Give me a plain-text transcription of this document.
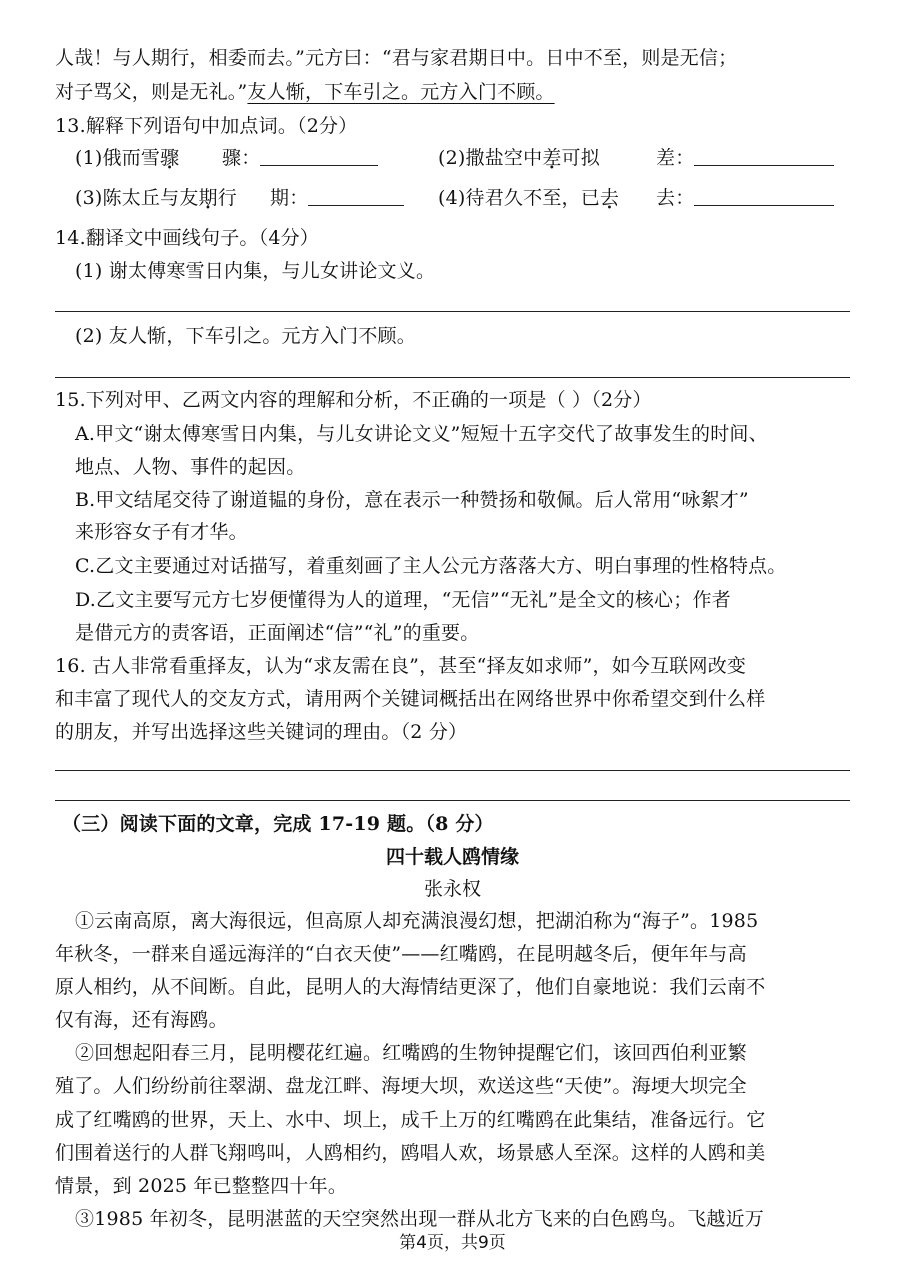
人哉！与人期行，相委而去。”元方曰：“君与家君期日中。日中不至，则是无信；
对子骂父，则是无礼。”友人惭，下车引之。元方入门不顾。
13.解释下列语句中加点词。（2分）
(1)俄而雪骤 骤：	(2)撒盐空中差可拟	差：
(3)陈太丘与友期行 期：	(4)待君久不至，已去 去：
14.翻译文中画线句子。（4分）
(1) 谢太傅寒雪日内集，与儿女讲论文义。
(2) 友人惭，下车引之。元方入门不顾。
15.下列对甲、乙两文内容的理解和分析，不正确的一项是（ ）（2分）
A.甲文“谢太傅寒雪日内集，与儿女讲论文义”短短十五字交代了故事发生的时间、
地点、人物、事件的起因。
B.甲文结尾交待了谢道韫的身份，意在表示一种赞扬和敬佩。后人常用“咏絮才”
来形容女子有才华。
C.乙文主要通过对话描写，着重刻画了主人公元方落落大方、明白事理的性格特点。
D.乙文主要写元方七岁便懂得为人的道理，“无信”“无礼”是全文的核心；作者
是借元方的责客语，正面阐述“信”“礼”的重要。
16. 古人非常看重择友，认为“求友需在良”，甚至“择友如求师”，如今互联网改变
和丰富了现代人的交友方式，请用两个关键词概括出在网络世界中你希望交到什么样
的朋友，并写出选择这些关键词的理由。（2 分）
（三）阅读下面的文章，完成 17-19 题。（8 分）
四十载人鸥情缘
张永权
①云南高原，离大海很远，但高原人却充满浪漫幻想，把湖泊称为“海子”。1985
年秋冬，一群来自遥远海洋的“白衣天使”——红嘴鸥，在昆明越冬后，便年年与高
原人相约，从不间断。自此，昆明人的大海情结更深了，他们自豪地说：我们云南不
仅有海，还有海鸥。
②回想起阳春三月，昆明樱花红遍。红嘴鸥的生物钟提醒它们，该回西伯利亚繁
殖了。人们纷纷前往翠湖、盘龙江畔、海埂大坝，欢送这些“天使”。海埂大坝完全
成了红嘴鸥的世界，天上、水中、坝上，成千上万的红嘴鸥在此集结，准备远行。它
们围着送行的人群飞翔鸣叫，人鸥相约，鸥唱人欢，场景感人至深。这样的人鸥和美
情景，到 2025 年已整整四十年。
③1985 年初冬，昆明湛蓝的天空突然出现一群从北方飞来的白色鸥鸟。飞越近万
第4页，共9页
